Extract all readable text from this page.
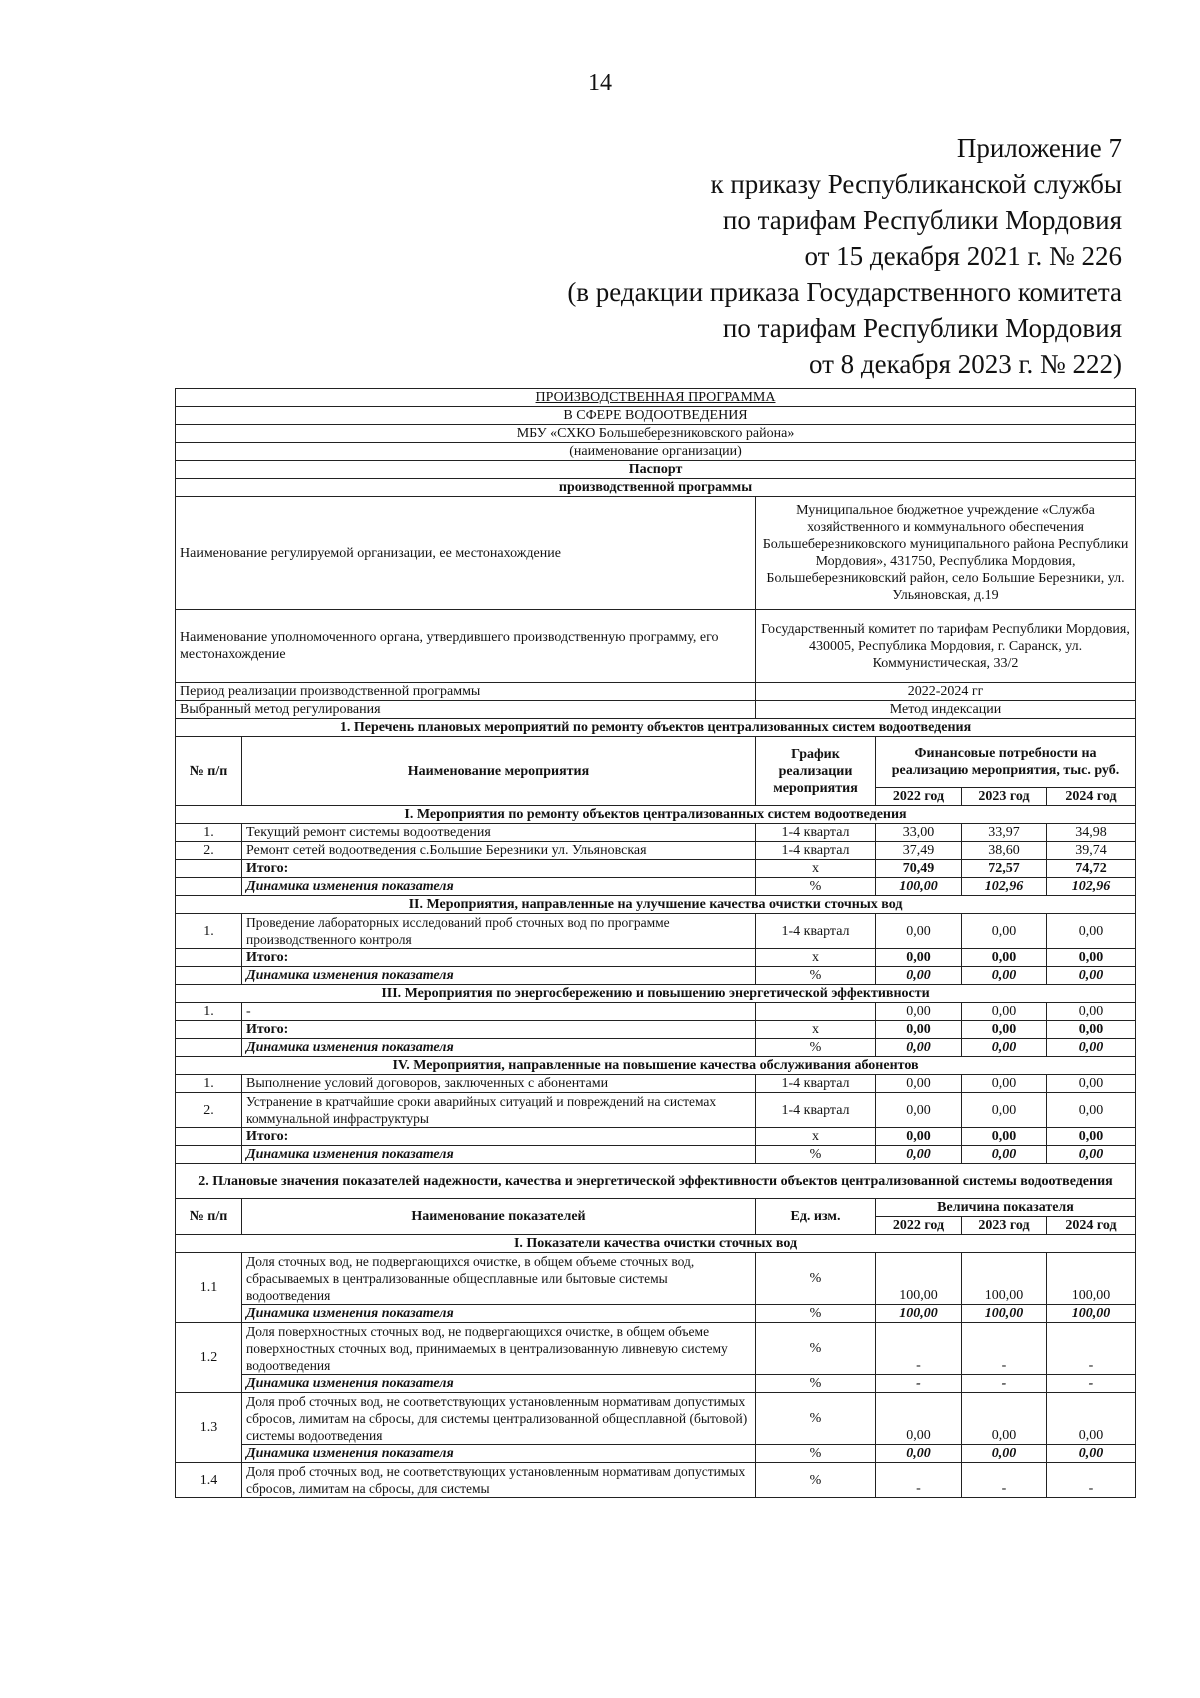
14
Приложение 7
к приказу Республиканской службы
по тарифам Республики Мордовия
от 15 декабря 2021 г. № 226
(в редакции приказа Государственного комитета
по тарифам Республики Мордовия
от 8 декабря 2023 г. № 222)
ПРОИЗВОДСТВЕННАЯ ПРОГРАММА					
В СФЕРЕ ВОДООТВЕДЕНИЯ					
МБУ «СХКО Большеберезниковского района»					
(наименование организации)					
Паспорт					
производственной программы					
Наименование регулируемой организации, ее местонахождение		Муниципальное бюджетное учреждение «Служба хозяйственного и коммунального обеспечения Большеберезниковского муниципального района Республики Мордовия», 431750, Республика Мордовия, Большеберезниковский район, село Большие Березники, ул. Ульяновская, д.19			
Наименование уполномоченного органа, утвердившего производственную программу, его местонахождение		Государственный комитет по тарифам Республики Мордовия, 430005, Республика Мордовия, г. Саранск, ул. Коммунистическая, 33/2			
Период реализации производственной программы		2022-2024 гг			
Выбранный метод регулирования		Метод индексации			
1. Перечень плановых мероприятий по ремонту объектов централизованных систем водоотведения					
№ п/п	Наименование мероприятия	График реализации мероприятия	Финансовые потребности на реализацию мероприятия, тыс. руб.		
			2022 год	2023 год	2024 год
I. Мероприятия по ремонту объектов централизованных систем водоотведения					
1.	Текущий ремонт системы водоотведения	1-4 квартал	33,00	33,97	34,98
2.	Ремонт сетей водоотведения с.Большие Березники ул. Ульяновская	1-4 квартал	37,49	38,60	39,74
	Итого:	х	70,49	72,57	74,72
	Динамика изменения показателя	%	100,00	102,96	102,96
II. Мероприятия, направленные на улучшение качества очистки сточных вод					
1.	Проведение лабораторных исследований проб сточных вод по программе производственного контроля	1-4 квартал	0,00	0,00	0,00
	Итого:	х	0,00	0,00	0,00
	Динамика изменения показателя	%	0,00	0,00	0,00
III. Мероприятия по энергосбережению и повышению энергетической эффективности					
1.	-		0,00	0,00	0,00
	Итого:	х	0,00	0,00	0,00
	Динамика изменения показателя	%	0,00	0,00	0,00
IV. Мероприятия, направленные на повышение качества обслуживания абонентов					
1.	Выполнение условий договоров, заключенных с абонентами	1-4 квартал	0,00	0,00	0,00
2.	Устранение в кратчайшие сроки аварийных ситуаций и повреждений на системах коммунальной инфраструктуры	1-4 квартал	0,00	0,00	0,00
	Итого:	х	0,00	0,00	0,00
	Динамика изменения показателя	%	0,00	0,00	0,00
2. Плановые значения показателей надежности, качества и энергетической эффективности объектов централизованной системы водоотведения					
№ п/п	Наименование показателей	Ед. изм.	Величина показателя		
			2022 год	2023 год	2024 год
I. Показатели качества очистки сточных вод					
1.1	Доля сточных вод, не подвергающихся очистке, в общем объеме сточных вод, сбрасываемых в централизованные общесплавные или бытовые системы водоотведения	%	100,00	100,00	100,00
	Динамика изменения показателя	%	100,00	100,00	100,00
1.2	Доля поверхностных сточных вод, не подвергающихся очистке, в общем объеме поверхностных сточных вод, принимаемых в централизованную ливневую систему водоотведения	%	-	-	-
	Динамика изменения показателя	%	-	-	-
1.3	Доля проб сточных вод, не соответствующих установленным нормативам допустимых сбросов, лимитам на сбросы, для системы централизованной общесплавной (бытовой) системы водоотведения	%	0,00	0,00	0,00
	Динамика изменения показателя	%	0,00	0,00	0,00
1.4	Доля проб сточных вод, не соответствующих установленным нормативам допустимых сбросов, лимитам на сбросы, для системы	%	-	-	-
